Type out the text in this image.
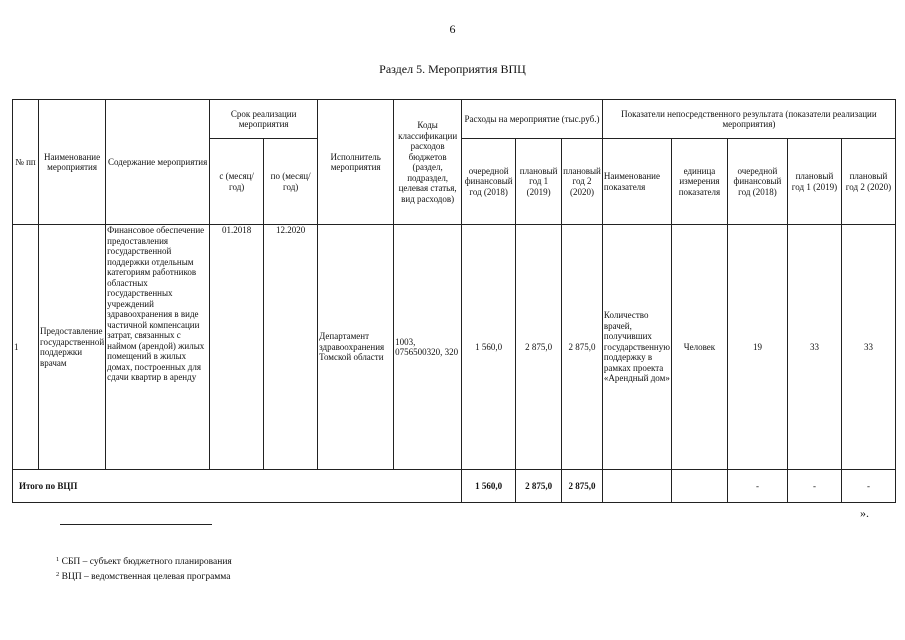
6
Раздел 5. Мероприятия ВПЦ
№ пп	Наименование мероприятия	Содержание мероприятия	Срок реализации мероприятия		Исполнитель мероприятия	Коды классификации расходов бюджетов (раздел, подраздел, целевая статья, вид расходов)	Расходы на мероприятие (тыс.руб.)			Показатели непосредственного результата (показатели реализации мероприятия)				
			с (месяц/ год)	по (месяц/ год)			очередной финансовый год (2018)	плановый год 1 (2019)	плановый год 2 (2020)	Наименование показателя	единица измерения показателя	очередной финансовый год (2018)	плановый год 1 (2019)	плановый год 2 (2020)
1	Предоставление государственной поддержки врачам	Финансовое обеспечение предоставления государственной поддержки отдельным категориям работников областных государственных учреждений здравоохранения в виде частичной компенсации затрат, связанных с наймом (арендой) жилых помещений в жилых домах, построенных для сдачи квартир в аренду	01.2018	12.2020	Департамент здравоохранения Томской области	1003, 0756500320, 320	1 560,0	2 875,0	2 875,0	Количество врачей, получивших государственную поддержку в рамках проекта «Арендный дом»	Человек	19	33	33
Итого по ВЦП							1 560,0	2 875,0	2 875,0			-	-	-
».
$^1$ СБП – субъект бюджетного планирования
$^2$ ВЦП – ведомственная целевая программа
